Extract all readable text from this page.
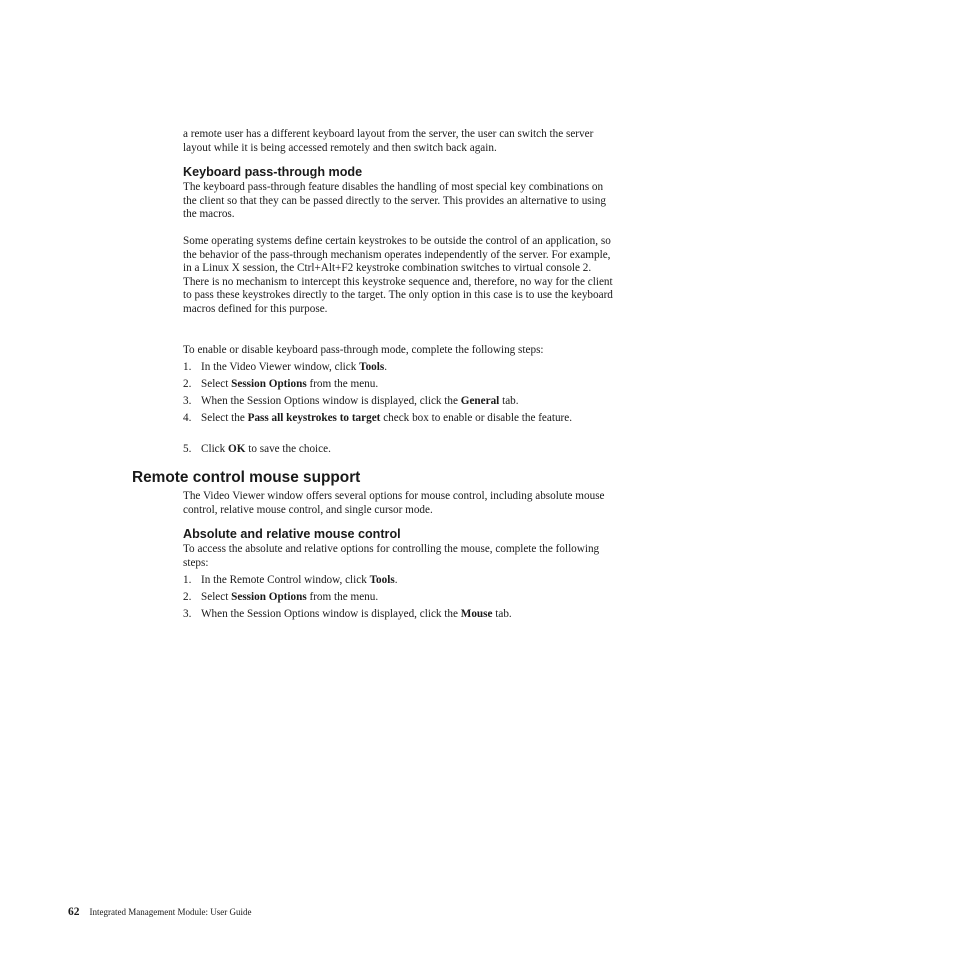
a remote user has a different keyboard layout from the server, the user can switch the server layout while it is being accessed remotely and then switch back again.

Keyboard pass-through mode

The keyboard pass-through feature disables the handling of most special key combinations on the client so that they can be passed directly to the server. This provides an alternative to using the macros.

Some operating systems define certain keystrokes to be outside the control of an application, so the behavior of the pass-through mechanism operates independently of the server. For example, in a Linux X session, the Ctrl+Alt+F2 keystroke combination switches to virtual console 2. There is no mechanism to intercept this keystroke sequence and, therefore, no way for the client to pass these keystrokes directly to the target. The only option in this case is to use the keyboard macros defined for this purpose.

To enable or disable keyboard pass-through mode, complete the following steps:

1. In the Video Viewer window, click Tools.
2. Select Session Options from the menu.
3. When the Session Options window is displayed, click the General tab.
4. Select the Pass all keystrokes to target check box to enable or disable the feature.
5. Click OK to save the choice.
Remote control mouse support

The Video Viewer window offers several options for mouse control, including absolute mouse control, relative mouse control, and single cursor mode.

Absolute and relative mouse control

To access the absolute and relative options for controlling the mouse, complete the following steps:

1. In the Remote Control window, click Tools.
2. Select Session Options from the menu.
3. When the Session Options window is displayed, click the Mouse tab.
62 Integrated Management Module: User Guide
